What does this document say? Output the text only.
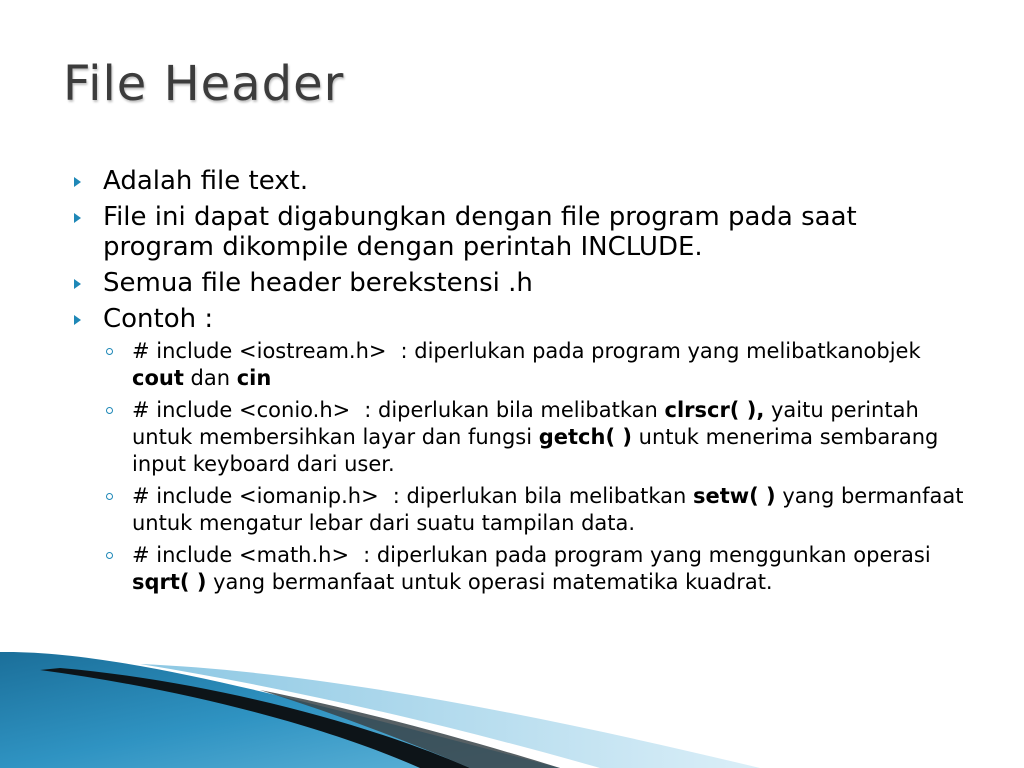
File Header
Adalah file text.
File ini dapat digabungkan dengan file program pada saat program dikompile dengan perintah INCLUDE.
Semua file header berekstensi .h
Contoh :
# include <iostream.h> : diperlukan pada program yang melibatkanobjek cout dan cin
# include <conio.h> : diperlukan bila melibatkan clrscr( ), yaitu perintah untuk membersihkan layar dan fungsi getch( ) untuk menerima sembarang input keyboard dari user.
# include <iomanip.h> : diperlukan bila melibatkan setw( ) yang bermanfaat untuk mengatur lebar dari suatu tampilan data.
# include <math.h> : diperlukan pada program yang menggunkan operasi sqrt( ) yang bermanfaat untuk operasi matematika kuadrat.
